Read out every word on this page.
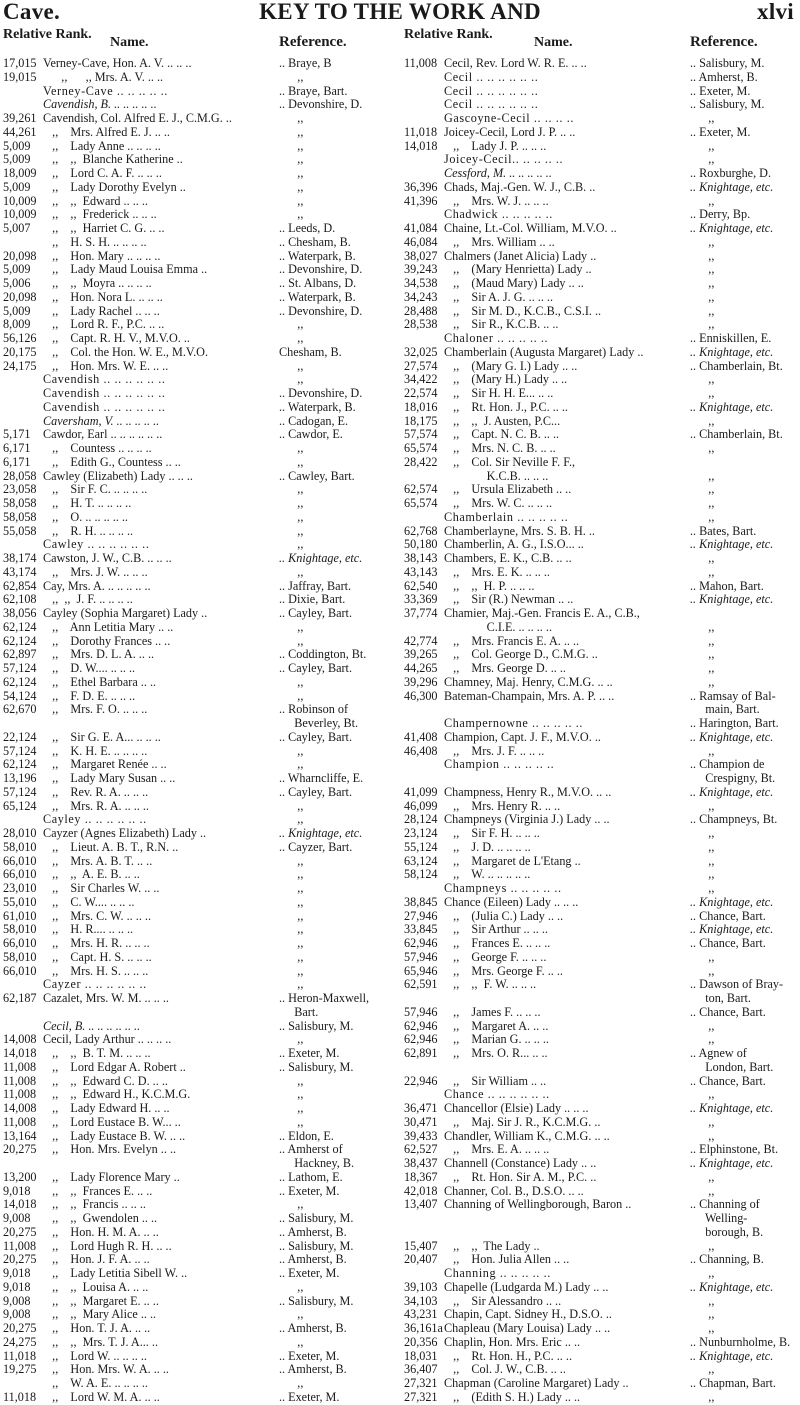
Cave.	KEY TO THE WORK AND	xlvi
Relative Rank.
Name.	Reference.
17,015 Verney-Cave, Hon. A. V. .. .. ..	.. Braye, B
19,015 ,,      ,, Mrs. A. V. .. ..	,,
Verney-Cave .. .. .. .. ..	.. Braye, Bart.
Cavendish, B. .. .. .. .. ..	.. Devonshire, D.
39,261 Cavendish, Col. Alfred E. J., C.M.G. ..	,,
44,261 ,,    Mrs. Alfred E. J. .. ..	,,
5,009	,,    Lady Anne .. .. .. ..	,,
5,009	,,    ,,  Blanche Katherine ..	,,
18,009 ,,    Lord C. A. F. .. .. ..	,,
5,009	,,    Lady Dorothy Evelyn ..	,,
10,009 ,,    ,,  Edward .. .. ..	,,
10,009 ,,    ,,  Frederick .. .. ..	,,
5,007	,,    ,,  Harriet C. G. .. ..	.. Leeds, D.
,,    H. S. H. .. .. .. ..	.. Chesham, B.
20,098 ,,    Hon. Mary .. .. .. ..	.. Waterpark, B.
5,009	,,    Lady Maud Louisa Emma ..	.. Devonshire, D.
5,006	,,    ,,  Moyra .. .. .. ..	.. St. Albans, D.
20,098 ,,    Hon. Nora L. .. .. ..	.. Waterpark, B.
5,009	,,    Lady Rachel .. .. ..	.. Devonshire, D.
8,009	,,    Lord R. F., P.C. .. ..	,,
56,126 ,,    Capt. R. H. V., M.V.O. ..	,,
20,175 ,,    Col. the Hon. W. E., M.V.O.	Chesham, B.
24,175 ,,    Hon. Mrs. W. E. .. ..	,,
Cavendish .. .. .. .. .. ..	,,
Cavendish .. .. .. .. .. ..	.. Devonshire, D.
Cavendish .. .. .. .. .. ..	.. Waterpark, B.
Caversham, V. .. .. .. .. ..	.. Cadogan, E.
5,171	Cawdor, Earl .. .. .. .. .. ..	.. Cawdor, E.
6,171	,,    Countess .. .. .. ..	,,
6,171	,,    Edith G., Countess .. ..	,,
28,058 Cawley (Elizabeth) Lady .. .. ..	.. Cawley, Bart.
23,058 ,,    Sir F. C. .. .. .. ..	,,
58,058 ,,    H. T. .. .. .. ..	,,
58,058 ,,    O. .. .. .. .. ..	,,
55,058 ,,    R. H. .. .. .. ..	,,
Cawley .. .. .. .. .. ..	,,
38,174 Cawston, J. W., C.B. .. .. ..	.. Knightage, etc.
43,174 ,,    Mrs. J. W. .. .. ..	,,
62,854 Cay, Mrs. A. .. .. .. .. ..	.. Jaffray, Bart.
62,108 ,,  ,,  J. F. .. .. .. ..	.. Dixie, Bart.
38,056 Cayley (Sophia Margaret) Lady ..	.. Cayley, Bart.
62,124 ,,    Ann Letitia Mary .. ..	,,
62,124 ,,    Dorothy Frances .. ..	,,
62,897 ,,    Mrs. D. L. A. .. ..	.. Coddington, Bt.
57,124 ,,    D. W.... .. .. ..	.. Cayley, Bart.
62,124 ,,    Ethel Barbara .. ..	,,
54,124 ,,    F. D. E. .. .. ..	,,
62,670 ,,    Mrs. F. O. .. .. ..	.. Robinson of
Beverley, Bt.
22,124 ,,    Sir G. E. A... .. .. ..	.. Cayley, Bart.
57,124 ,,    K. H. E. .. .. .. ..	,,
62,124 ,,    Margaret Renée .. ..	,,
13,196 ,,    Lady Mary Susan .. ..	.. Wharncliffe, E.
57,124 ,,    Rev. R. A. .. .. ..	.. Cayley, Bart.
65,124 ,,    Mrs. R. A. .. .. ..	,,
Cayley .. .. .. .. .. ..	,,
28,010 Cayzer (Agnes Elizabeth) Lady ..	.. Knightage, etc.
58,010 ,,    Lieut. A. B. T., R.N. ..	.. Cayzer, Bart.
66,010 ,,    Mrs. A. B. T. .. ..	,,
66,010 ,,    ,,  A. E. B. .. ..	,,
23,010 ,,    Sir Charles W. .. ..	,,
55,010 ,,    C. W.... .. .. ..	,,
61,010 ,,    Mrs. C. W. .. .. ..	,,
58,010 ,,    H. R.... .. .. ..	,,
66,010 ,,    Mrs. H. R. .. .. ..	,,
58,010 ,,    Capt. H. S. .. .. ..	,,
66,010 ,,    Mrs. H. S. .. .. ..	,,
Cayzer .. .. .. .. .. ..	,,
62,187 Cazalet, Mrs. W. M. .. .. ..	.. Heron-Maxwell,
Bart.
Cecil, B. .. .. .. .. .. ..	.. Salisbury, M.
14,008 Cecil, Lady Arthur .. .. .. ..	,,
14,018 ,,    ,,  B. T. M. .. .. ..	.. Exeter, M.
11,008 ,,    Lord Edgar A. Robert ..	.. Salisbury, M.
11,008 ,,    ,,  Edward C. D. .. ..	,,
11,008 ,,    ,,  Edward H., K.C.M.G.	,,
14,008 ,,    Lady Edward H. .. ..	,,
11,008 ,,    Lord Eustace B. W... ..	,,
13,164 ,,    Lady Eustace B. W. .. ..	.. Eldon, E.
20,275 ,,    Hon. Mrs. Evelyn .. ..	.. Amherst of
Hackney, B.
13,200 ,,    Lady Florence Mary ..	.. Lathom, E.
9,018	,,    ,,  Frances E. .. ..	.. Exeter, M.
14,018 ,,    ,,  Francis .. .. ..	,,
9,008	,,    ,,  Gwendolen .. ..	.. Salisbury, M.
20,275 ,,    Hon. H. M. A. .. ..	.. Amherst, B.
11,008 ,,    Lord Hugh R. H. .. ..	.. Salisbury, M.
20,275 ,,    Hon. J. F. A. .. ..	.. Amherst, B.
9,018	,,    Lady Letitia Sibell W. ..	.. Exeter, M.
9,018	,,    ,,  Louisa A. .. ..	,,
9,008	,,    ,,  Margaret E. .. ..	.. Salisbury, M.
9,008	,,    ,,  Mary Alice .. ..	,,
20,275 ,,    Hon. T. J. A. .. ..	.. Amherst, B.
24,275 ,,    ,,  Mrs. T. J. A... ..	,,
11,018 ,,    Lord W. .. .. .. ..	.. Exeter, M.
19,275 ,,    Hon. Mrs. W. A. .. ..	.. Amherst, B.
,,    W. A. E. .. .. .. ..	,,
11,018 ,,    Lord W. M. A. .. ..	.. Exeter, M.
Relative Rank.
Name.	Reference.
11,008 Cecil, Rev. Lord W. R. E. .. ..	.. Salisbury, M.
Cecil .. .. .. .. .. ..	.. Amherst, B.
Cecil .. .. .. .. .. ..	.. Exeter, M.
Cecil .. .. .. .. .. ..	.. Salisbury, M.
Gascoyne-Cecil .. .. .. ..	,,
11,018 Joicey-Cecil, Lord J. P. .. ..	.. Exeter, M.
14,018 ,,    Lady J. P. .. .. ..	,,
Joicey-Cecil.. .. .. .. ..	,,
Cessford, M. .. .. .. .. ..	.. Roxburghe, D.
36,396 Chads, Maj.-Gen. W. J., C.B. ..	.. Knightage, etc.
41,396 ,,    Mrs. W. J. .. .. ..	,,
Chadwick .. .. .. .. ..	.. Derry, Bp.
41,084 Chaine, Lt.-Col. William, M.V.O. ..	.. Knightage, etc.
46,084 ,,    Mrs. William .. ..	,,
38,027 Chalmers (Janet Alicia) Lady ..	,,
39,243 ,,    (Mary Henrietta) Lady ..	,,
34,538 ,,    (Maud Mary) Lady .. ..	,,
34,243 ,,    Sir A. J. G. .. .. ..	,,
28,488 ,,    Sir M. D., K.C.B., C.S.I. ..	,,
28,538 ,,    Sir R., K.C.B. .. ..	,,
Chaloner .. .. .. .. ..	.. Enniskillen, E.
32,025 Chamberlain (Augusta Margaret) Lady ..	.. Knightage, etc.
27,574 ,,    (Mary G. I.) Lady .. ..	.. Chamberlain, Bt.
34,422 ,,    (Mary H.) Lady .. ..	,,
22,574 ,,    Sir H. H. E... .. ..	,,
18,016 ,,    Rt. Hon. J., P.C. .. ..	.. Knightage, etc.
18,175 ,,    ,,  J. Austen, P.C...	,,
57,574 ,,    Capt. N. C. B. .. ..	.. Chamberlain, Bt.
65,574 ,,    Mrs. N. C. B. .. ..	,,
28,422 ,,    Col. Sir Neville F. F.,
K.C.B. .. .. ..	,,
62,574 ,,    Ursula Elizabeth .. ..	,,
65,574 ,,    Mrs. W. C. .. .. ..	,,
Chamberlain .. .. .. .. ..	,,
62,768 Chamberlayne, Mrs. S. B. H. ..	.. Bates, Bart.
50,180 Chamberlin, A. G., I.S.O... ..	.. Knightage, etc.
38,143 Chambers, E. K., C.B. .. ..	,,
43,143 ,,    Mrs. E. K. .. .. ..	,,
62,540 ,,    ,,  H. P. .. .. ..	.. Mahon, Bart.
33,369 ,,    Sir (R.) Newman .. ..	.. Knightage, etc.
37,774 Chamier, Maj.-Gen. Francis E. A., C.B.,
C.I.E. .. .. .. ..	,,
42,774 ,,    Mrs. Francis E. A. .. ..	,,
39,265 ,,    Col. George D., C.M.G. ..	,,
44,265 ,,    Mrs. George D. .. ..	,,
39,296 Chamney, Maj. Henry, C.M.G. .. ..	,,
46,300 Bateman-Champain, Mrs. A. P. .. ..	.. Ramsay of Bal-
main, Bart.
Champernowne .. .. .. .. ..	.. Harington, Bart.
41,408 Champion, Capt. J. F., M.V.O. ..	.. Knightage, etc.
46,408 ,,    Mrs. J. F. .. .. ..	,,
Champion .. .. .. .. ..	.. Champion de
Crespigny, Bt.
41,099 Champness, Henry R., M.V.O. .. ..	.. Knightage, etc.
46,099 ,,    Mrs. Henry R. .. ..	,,
28,124 Champneys (Virginia J.) Lady .. ..	.. Champneys, Bt.
23,124 ,,    Sir F. H. .. .. ..	,,
55,124 ,,    J. D. .. .. .. ..	,,
63,124 ,,    Margaret de L'Etang ..	,,
58,124 ,,    W. .. .. .. .. ..	,,
Champneys .. .. .. .. ..	,,
38,845 Chance (Eileen) Lady .. .. ..	.. Knightage, etc.
27,946 ,,    (Julia C.) Lady .. ..	.. Chance, Bart.
33,845 ,,    Sir Arthur .. .. ..	.. Knightage, etc.
62,946 ,,    Frances E. .. .. ..	.. Chance, Bart.
57,946 ,,    George F. .. .. ..	,,
65,946 ,,    Mrs. George F. .. ..	,,
62,591 ,,    ,,  F. W. .. .. ..	.. Dawson of Bray-
ton, Bart.
57,946 ,,    James F. .. .. ..	.. Chance, Bart.
62,946 ,,    Margaret A. .. ..	,,
62,946 ,,    Marian G. .. .. ..	,,
62,891 ,,    Mrs. O. R... .. ..	.. Agnew of
London, Bart.
22,946 ,,    Sir William .. ..	.. Chance, Bart.
Chance .. .. .. .. .. ..	,,
36,471 Chancellor (Elsie) Lady .. .. ..	.. Knightage, etc.
30,471 ,,    Maj. Sir J. R., K.C.M.G. ..	,,
39,433 Chandler, William K., C.M.G. .. ..	,,
62,527 ,,    Mrs. E. A. .. .. ..	.. Elphinstone, Bt.
38,437 Channell (Constance) Lady .. ..	.. Knightage, etc.
18,367 ,,    Rt. Hon. Sir A. M., P.C. ..	,,
42,018 Channer, Col. B., D.S.O. .. ..	,,
13,407 Channing of Wellingborough, Baron ..	.. Channing of
Welling-
borough, B.
15,407 ,,    ,,  The Lady ..	,,
20,407 ,,    Hon. Julia Allen .. ..	.. Channing, B.
Channing .. .. .. .. ..	,,
39,103 Chapelle (Ludgarda M.) Lady .. ..	.. Knightage, etc.
34,103 ,,    Sir Alessandro .. ..	,,
43,231 Chapin, Capt. Sidney H., D.S.O. ..	,,
36,161a Chapleau (Mary Louisa) Lady .. ..	,,
20,356 Chaplin, Hon. Mrs. Eric .. ..	.. Nunburnholme, B.
18,031 ,,    Rt. Hon. H., P.C. .. ..	.. Knightage, etc.
36,407 ,,    Col. J. W., C.B. .. ..	,,
27,321 Chapman (Caroline Margaret) Lady ..	.. Chapman, Bart.
27,321 ,,    (Edith S. H.) Lady .. ..	,,
